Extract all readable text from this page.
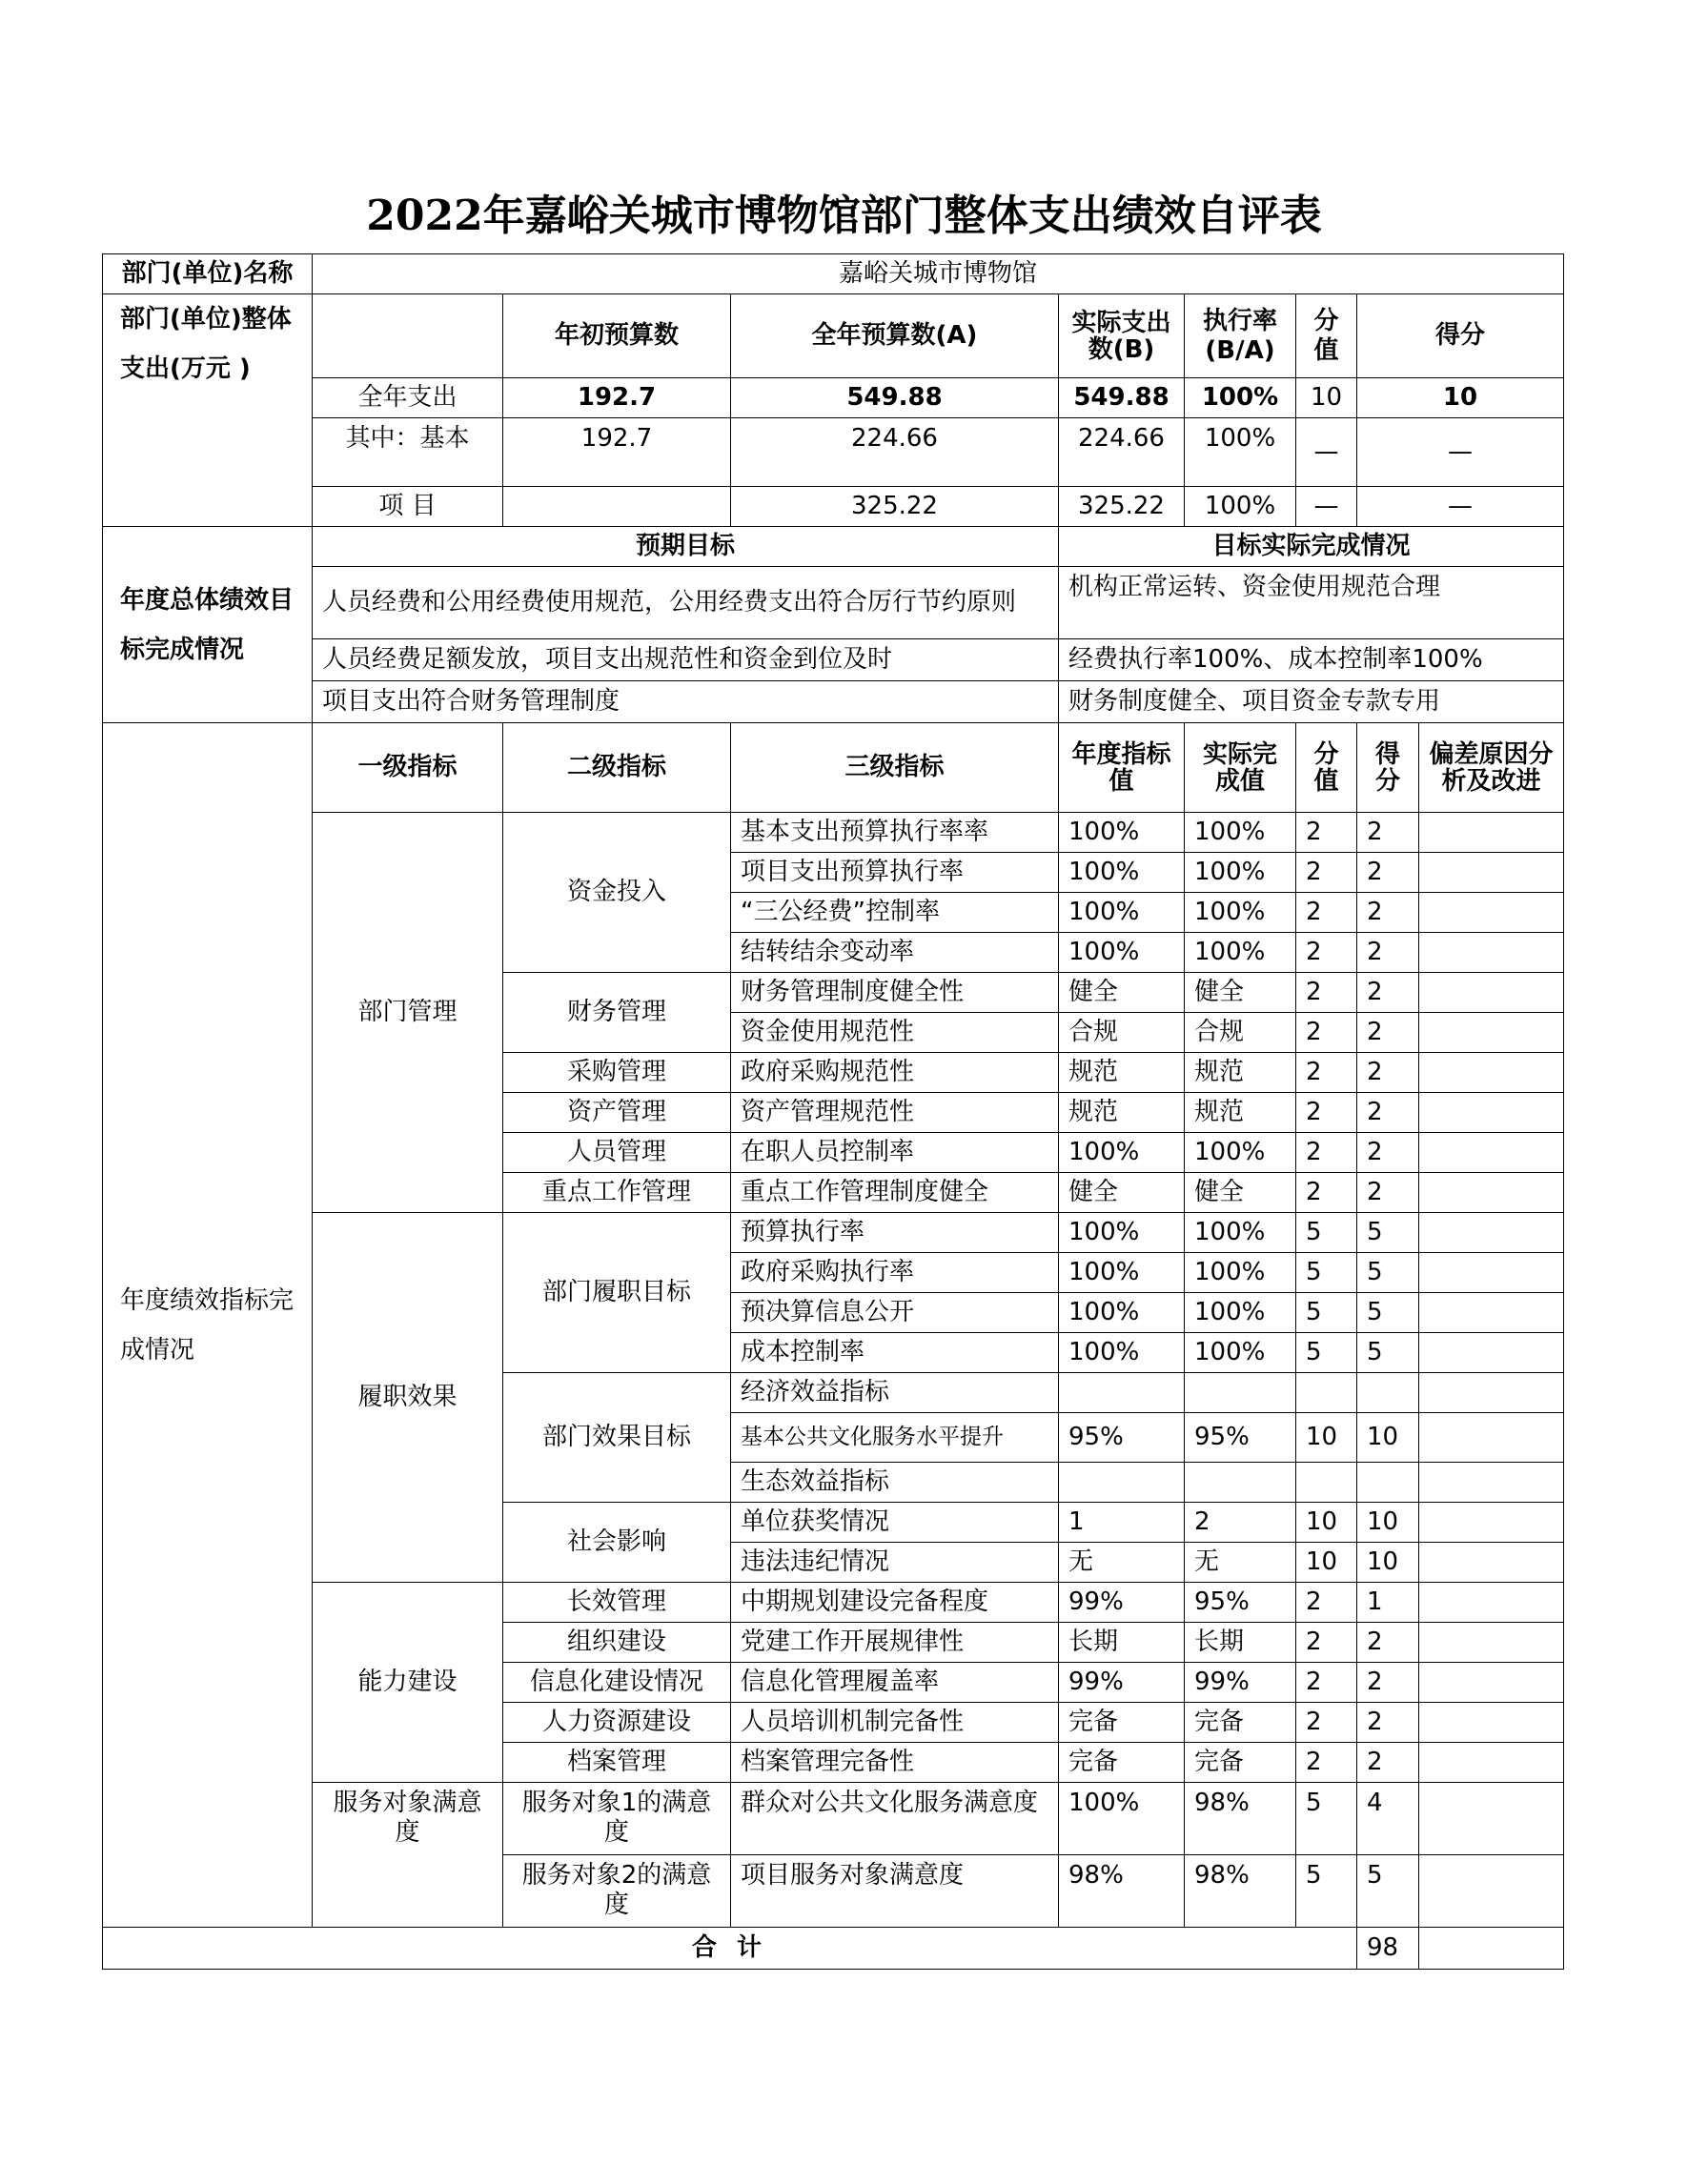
2022年嘉峪关城市博物馆部门整体支出绩效自评表
部门(单位)名称	嘉峪关城市博物馆							
部门(单位)整体 支出(万元 )		年初预算数	全年预算数(A)	实际支出数(B)	执行率(B/A)	分值	得分	
	全年支出	192.7	549.88	549.88	100%	10	10	
	其中：基本	192.7	224.66	224.66	100%	—	—	
	项 目		325.22	325.22	100%	—	—	
年度总体绩效目 标完成情况	预期目标			目标实际完成情况				
	人员经费和公用经费使用规范，公用经费支出符合厉行节约原则			机构正常运转、资金使用规范合理				
	人员经费足额发放，项目支出规范性和资金到位及时			经费执行率100%、成本控制率100%				
	项目支出符合财务管理制度			财务制度健全、项目资金专款专用				
年度绩效指标完 成情况	一级指标	二级指标	三级指标	年度指标值	实际完成值	分值	得分	偏差原因分析及改进
	部门管理	资金投入	基本支出预算执行率率	100%	100%	2	2	
			项目支出预算执行率	100%	100%	2	2	
			“三公经费”控制率	100%	100%	2	2	
			结转结余变动率	100%	100%	2	2	
		财务管理	财务管理制度健全性	健全	健全	2	2	
			资金使用规范性	合规	合规	2	2	
		采购管理	政府采购规范性	规范	规范	2	2	
		资产管理	资产管理规范性	规范	规范	2	2	
		人员管理	在职人员控制率	100%	100%	2	2	
		重点工作管理	重点工作管理制度健全	健全	健全	2	2	
	履职效果	部门履职目标	预算执行率	100%	100%	5	5	
			政府采购执行率	100%	100%	5	5	
			预决算信息公开	100%	100%	5	5	
			成本控制率	100%	100%	5	5	
		部门效果目标	经济效益指标					
			基本公共文化服务水平提升	95%	95%	10	10	
			生态效益指标					
		社会影响	单位获奖情况	1	2	10	10	
			违法违纪情况	无	无	10	10	
	能力建设	长效管理	中期规划建设完备程度	99%	95%	2	1	
		组织建设	党建工作开展规律性	长期	长期	2	2	
		信息化建设情况	信息化管理履盖率	99%	99%	2	2	
		人力资源建设	人员培训机制完备性	完备	完备	2	2	
		档案管理	档案管理完备性	完备	完备	2	2	
	服务对象满意度	服务对象1的满意度	群众对公共文化服务满意度	100%	98%	5	4	
		服务对象2的满意度	项目服务对象满意度	98%	98%	5	5	
合 计							98	
